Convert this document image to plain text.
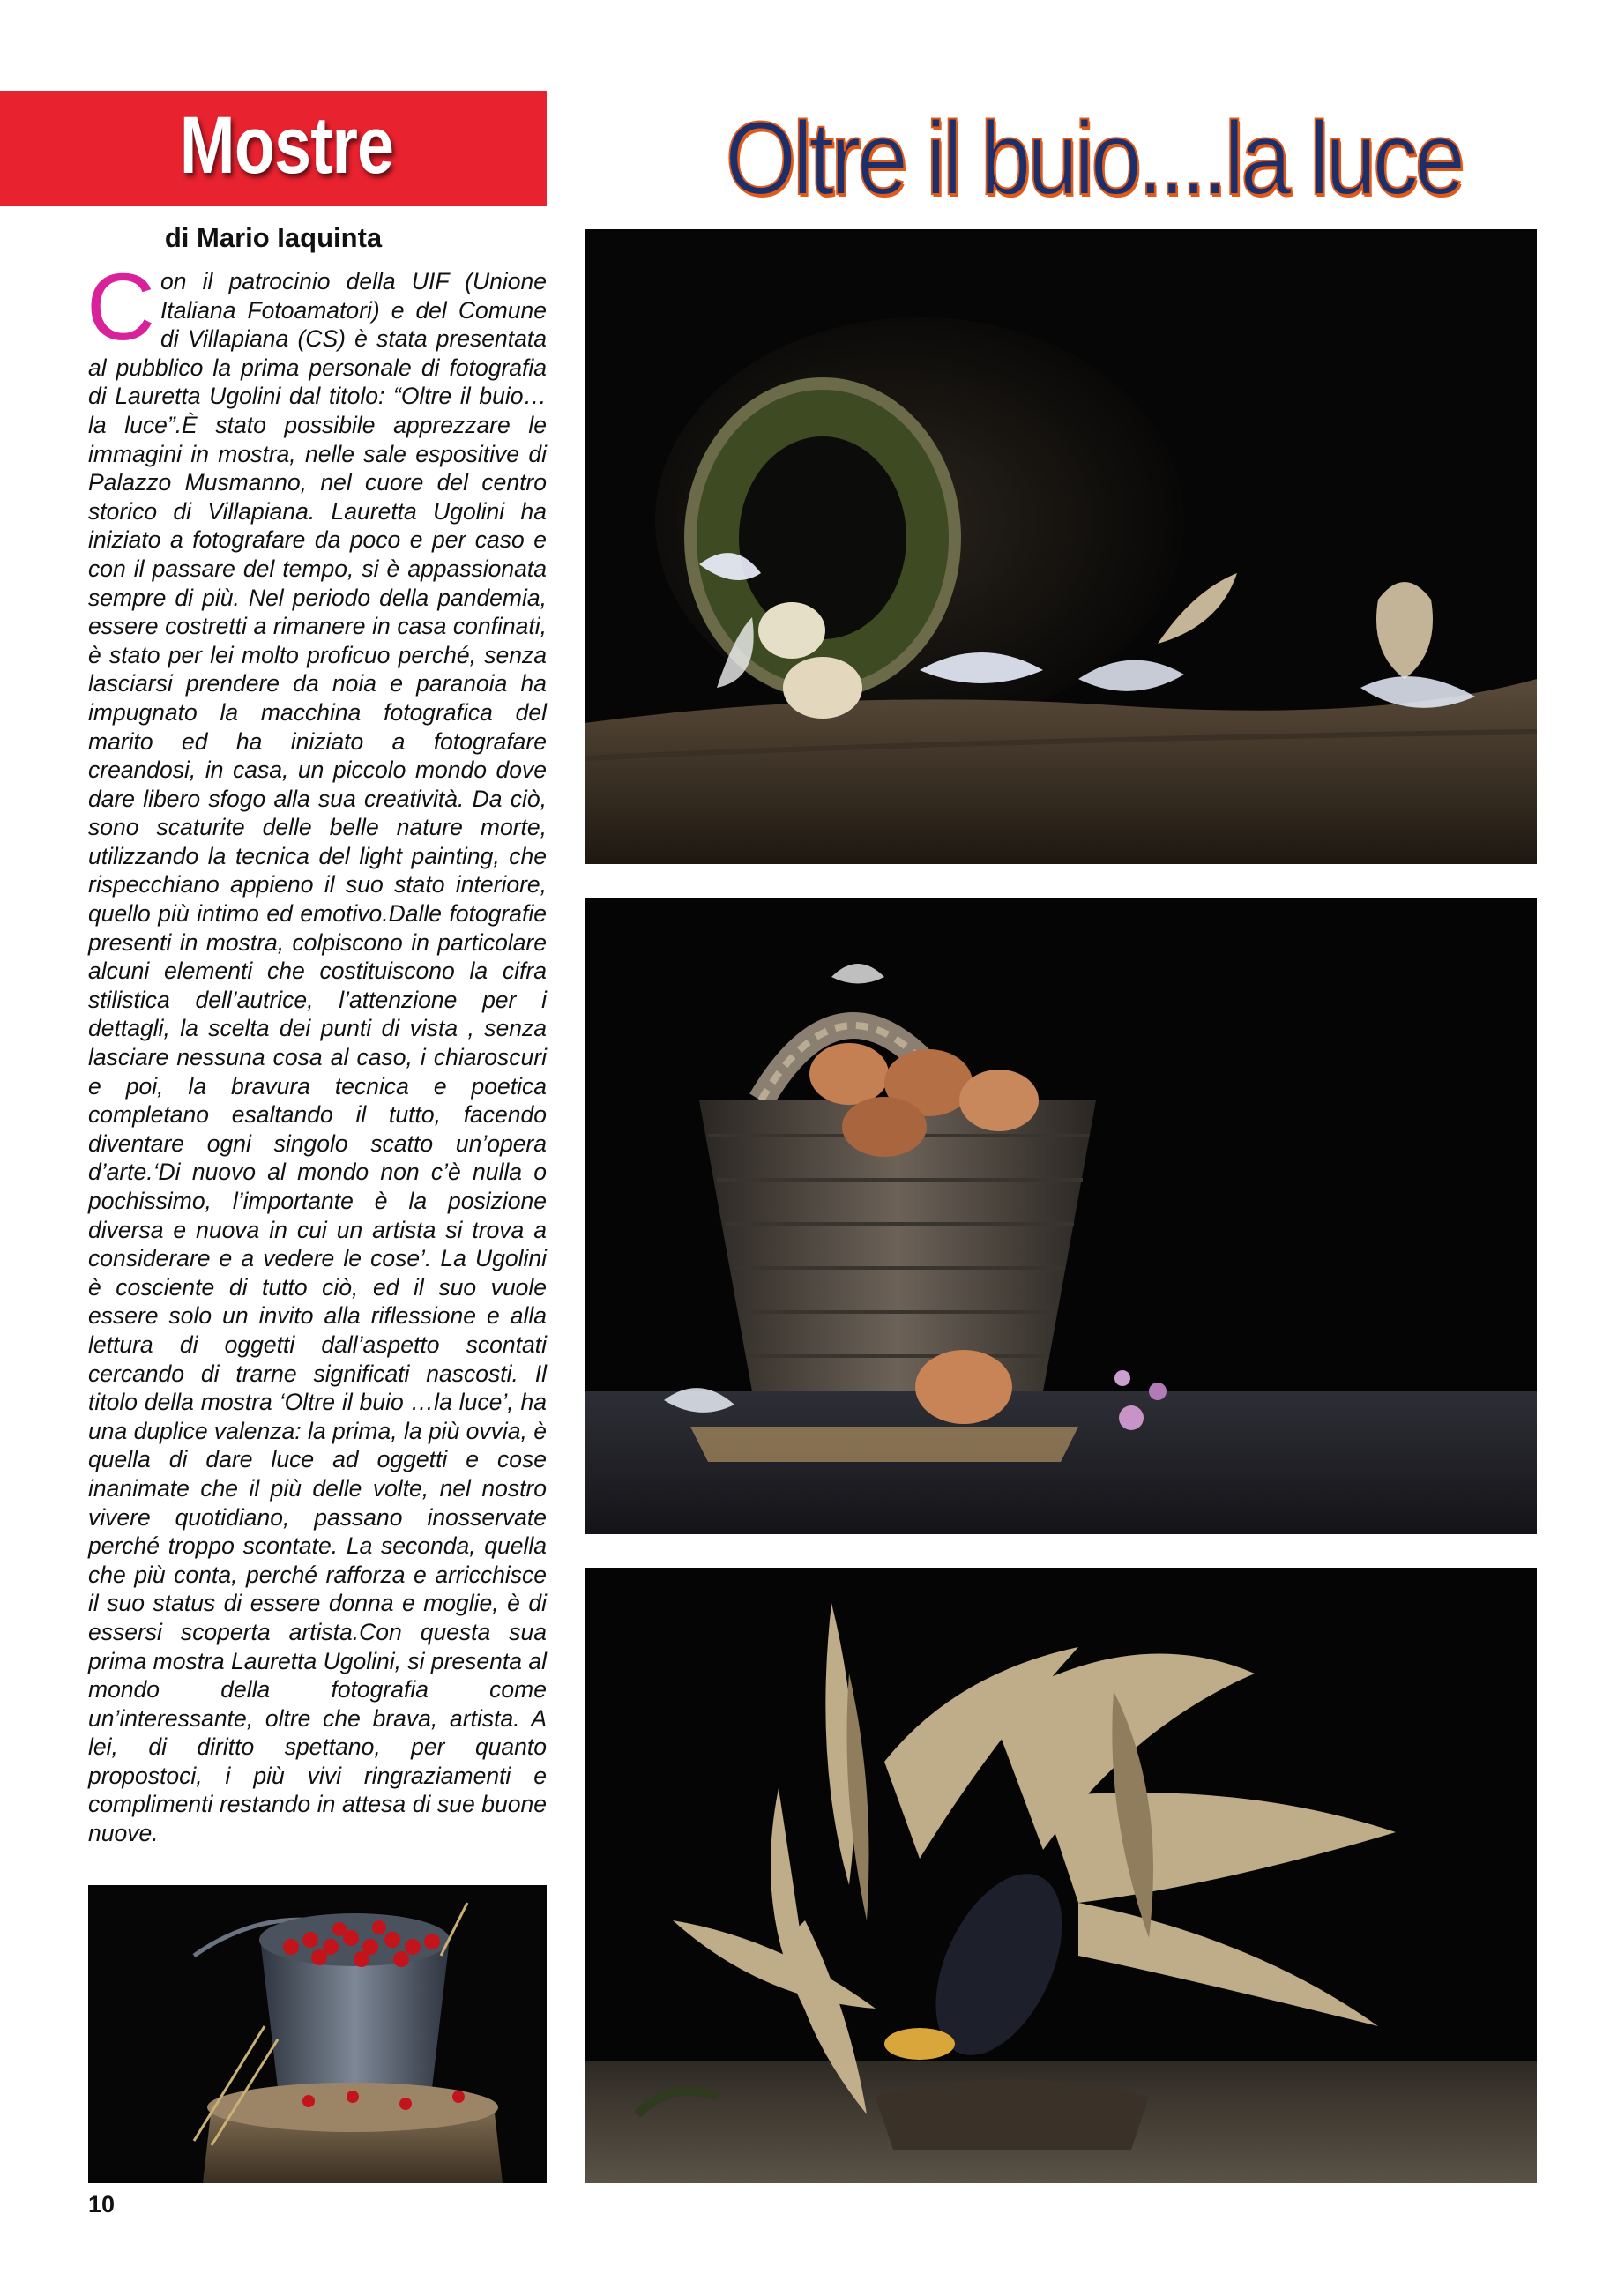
Mostre	Oltre il buio....la luce
di Mario Iaquinta
C on il patrocinio della UIF (Unione Italiana Fotoamatori) e del Comune di Villapiana (CS) è stata presentata al pubblico la prima personale di fotografia di Lauretta Ugolini dal titolo: “Oltre il buio… la luce”.È stato possibile apprezzare le immagini in mostra, nelle sale espositive di Palazzo Musmanno, nel cuore del centro storico di Villapiana. Lauretta Ugolini ha iniziato a fotografare da poco e per caso e con il passare del tempo, si è appassionata sempre di più. Nel periodo della pandemia, essere costretti a rimanere in casa confinati, è stato per lei molto proficuo perché, senza lasciarsi prendere da noia e paranoia ha impugnato la macchina fotografica del marito ed ha iniziato a fotografare creandosi, in casa, un piccolo mondo dove dare libero sfogo alla sua creatività. Da ciò, sono scaturite delle belle nature morte, utilizzando la tecnica del light painting, che rispecchiano appieno il suo stato interiore, quello più intimo ed emotivo.Dalle fotografie presenti in mostra, colpiscono in particolare alcuni elementi che costituiscono la cifra stilistica dell’autrice, l’attenzione per i dettagli, la scelta dei punti di vista , senza lasciare nessuna cosa al caso, i chiaroscuri e poi, la bravura tecnica e poetica completano esaltando il tutto, facendo diventare ogni singolo scatto un’opera d’arte.‘Di nuovo al mondo non c’è nulla o pochissimo, l’importante è la posizione diversa e nuova in cui un artista si trova a considerare e a vedere le cose’. La Ugolini è cosciente di tutto ciò, ed il suo vuole essere solo un invito alla riflessione e alla lettura di oggetti dall’aspetto scontati cercando di trarne significati nascosti. Il titolo della mostra ‘Oltre il buio …la luce’, ha una duplice valenza: la prima, la più ovvia, è quella di dare luce ad oggetti e cose inanimate che il più delle volte, nel nostro vivere quotidiano, passano inosservate perché troppo scontate. La seconda, quella che più conta, perché rafforza e arricchisce il suo status di essere donna e moglie, è di essersi scoperta artista.Con questa sua prima mostra Lauretta Ugolini, si presenta al mondo della fotografia come un’interessante, oltre che brava, artista. A lei, di diritto spettano, per quanto propostoci, i più vivi ringraziamenti e complimenti restando in attesa di sue buone nuove.
10
